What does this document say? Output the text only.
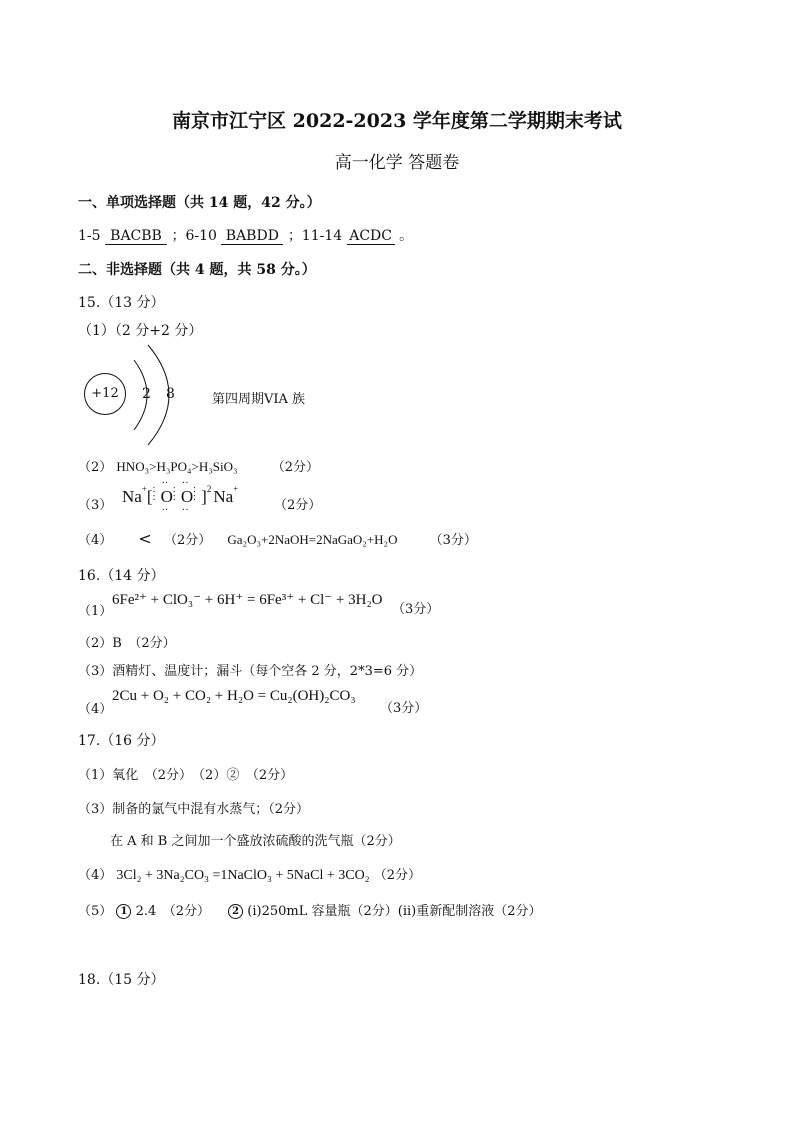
南京市江宁区 2022-2023 学年度第二学期期末考试
高一化学 答题卷
一、单项选择题（共 14 题，42 分。）
1-5 BACBB ；6-10 BABDD ；11-14 ACDC 。
二、非选择题（共 4 题，共 58 分。）
15.（13 分）
（1）（2 分+2 分）
+12	2 8	第四周期VIA 族
（2） HNO₃>H₃PO₄>H₃SiO₃	（2分）
（3） Na+[:
:
··
O
··
:
:
··
O
··
:
: ]$^2$ Na+
（2分）
（4） < （2分） Ga₂O₃+2NaOH=2NaGaO₂+H₂O （3分）
16.（14 分）
（1）
6Fe²⁺ + ClO₃⁻ + 6H⁺ = 6Fe³⁺ + Cl⁻ + 3H₂O
（3分）
（2）B　（2分）
（3）酒精灯、温度计；漏斗（每个空各 2 分，2*3=6 分）
（4）
2Cu + O₂ + CO₂ + H₂O = Cu₂(OH)₂CO₃
（3分）
17.（16 分）
（1）氧化　（2分）　（2）②　（2分）
（3）制备的氯气中混有水蒸气；（2分）
在 A 和 B 之间加一个盛放浓硫酸的洗气瓶（2分）
（4） 3Cl₂ + 3Na₂CO₃ =1NaClO₃ + 5NaCl + 3CO₂ （2分）
（5） 1 2.4　（2分） 2 (i)250mL 容量瓶（2分）(ii)重新配制溶液（2分）
18.（15 分）
